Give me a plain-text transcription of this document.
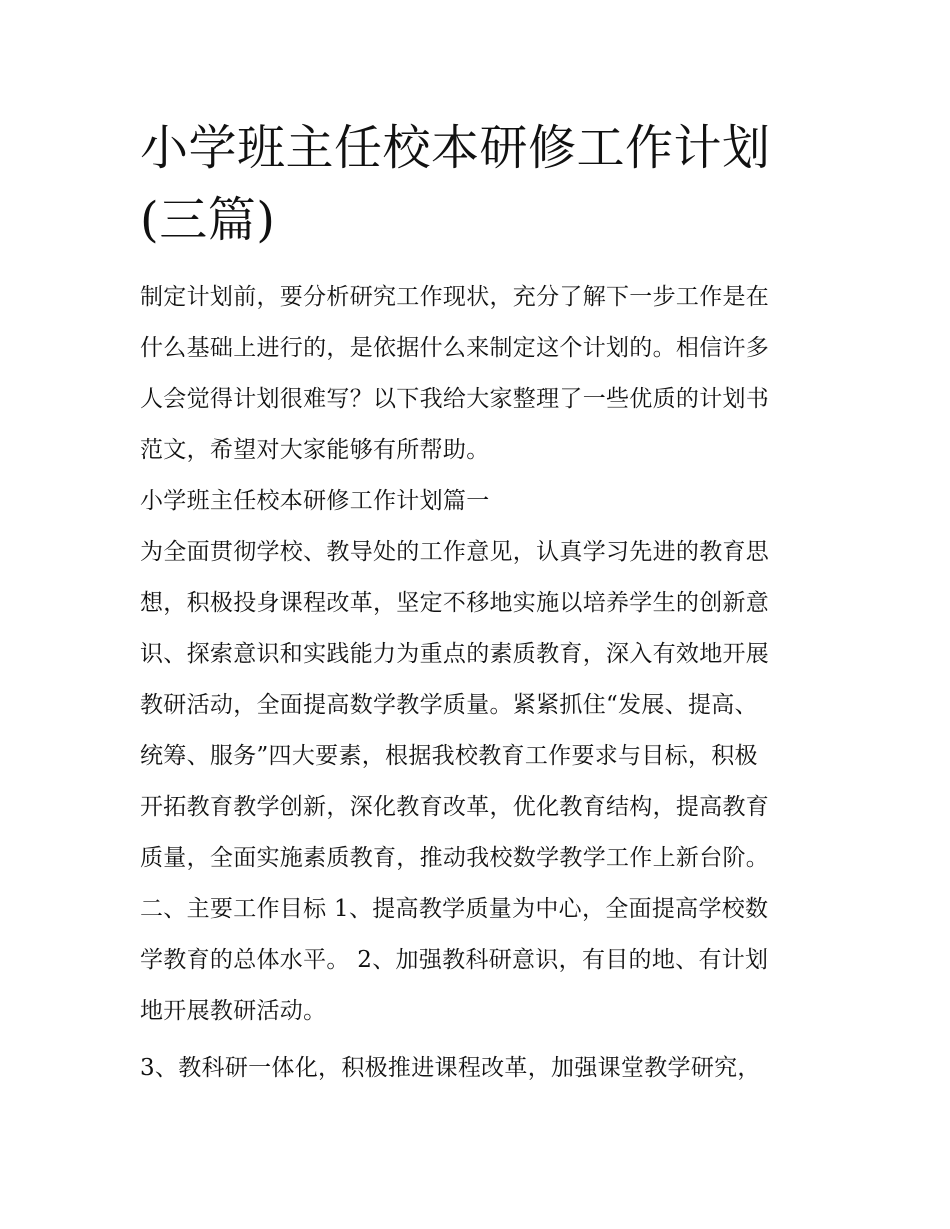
小学班主任校本研修工作计划
(三篇)
制定计划前，要分析研究工作现状，充分了解下一步工作是在
什么基础上进行的，是依据什么来制定这个计划的。相信许多
人会觉得计划很难写？以下我给大家整理了一些优质的计划书
范文，希望对大家能够有所帮助。
小学班主任校本研修工作计划篇一
为全面贯彻学校、教导处的工作意见，认真学习先进的教育思
想，积极投身课程改革，坚定不移地实施以培养学生的创新意
识、探索意识和实践能力为重点的素质教育，深入有效地开展
教研活动，全面提高数学教学质量。紧紧抓住“发展、提高、
统筹、服务”四大要素，根据我校教育工作要求与目标，积极
开拓教育教学创新，深化教育改革，优化教育结构，提高教育
质量，全面实施素质教育，推动我校数学教学工作上新台阶。
二、主要工作目标 1、提高教学质量为中心，全面提高学校数
学教育的总体水平。 2、加强教科研意识，有目的地、有计划
地开展教研活动。
3、教科研一体化，积极推进课程改革，加强课堂教学研究，
